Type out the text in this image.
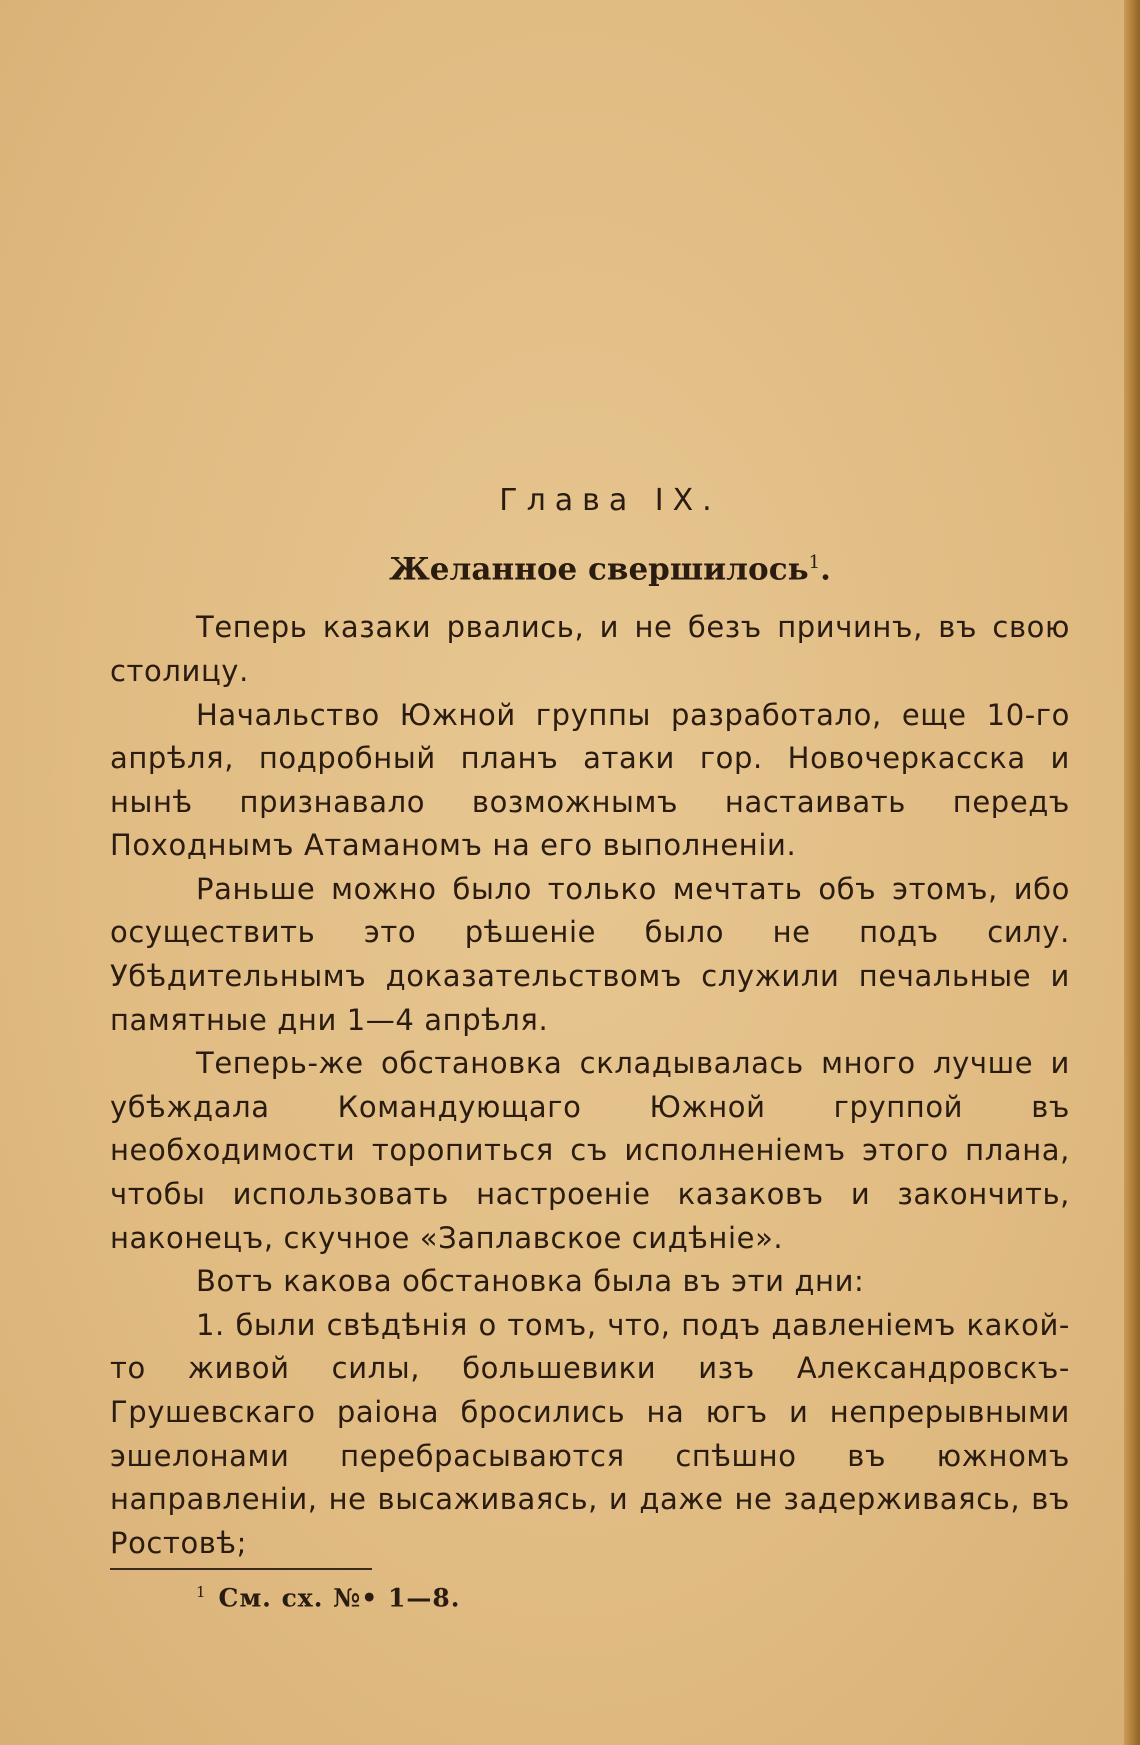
Глава IX.
Желанное свершилось$^1$.

Теперь казаки рвались, и не безъ причинъ, въ свою столицу.

Начальство Южной группы разработало, еще 10-го апрѣля, подробный планъ атаки гор. Новочеркасска и нынѣ признавало возможнымъ настаивать передъ Походнымъ Атаманомъ на его выполненіи.

Раньше можно было только мечтать объ этомъ, ибо осуществить это рѣшеніе было не подъ силу. Убѣдительнымъ доказательствомъ служили печальные и памятные дни 1—4 апрѣля.

Теперь-же обстановка складывалась много лучше и убѣждала Командующаго Южной группой въ необходимости торопиться съ исполненіемъ этого плана, чтобы использовать настроеніе казаковъ и закончить, наконецъ, скучное «Заплавское сидѣніе».

Вотъ какова обстановка была въ эти дни:

1. были свѣдѣнія о томъ, что, подъ давленіемъ какой-то живой силы, большевики изъ Александровскъ-Грушевскаго раіона бросились на югъ и непрерывными эшелонами перебрасываются спѣшно въ южномъ направленіи, не высаживаясь, и даже не задерживаясь, въ Ростовѣ;

$^1$ См. сх. №• 1—8.
